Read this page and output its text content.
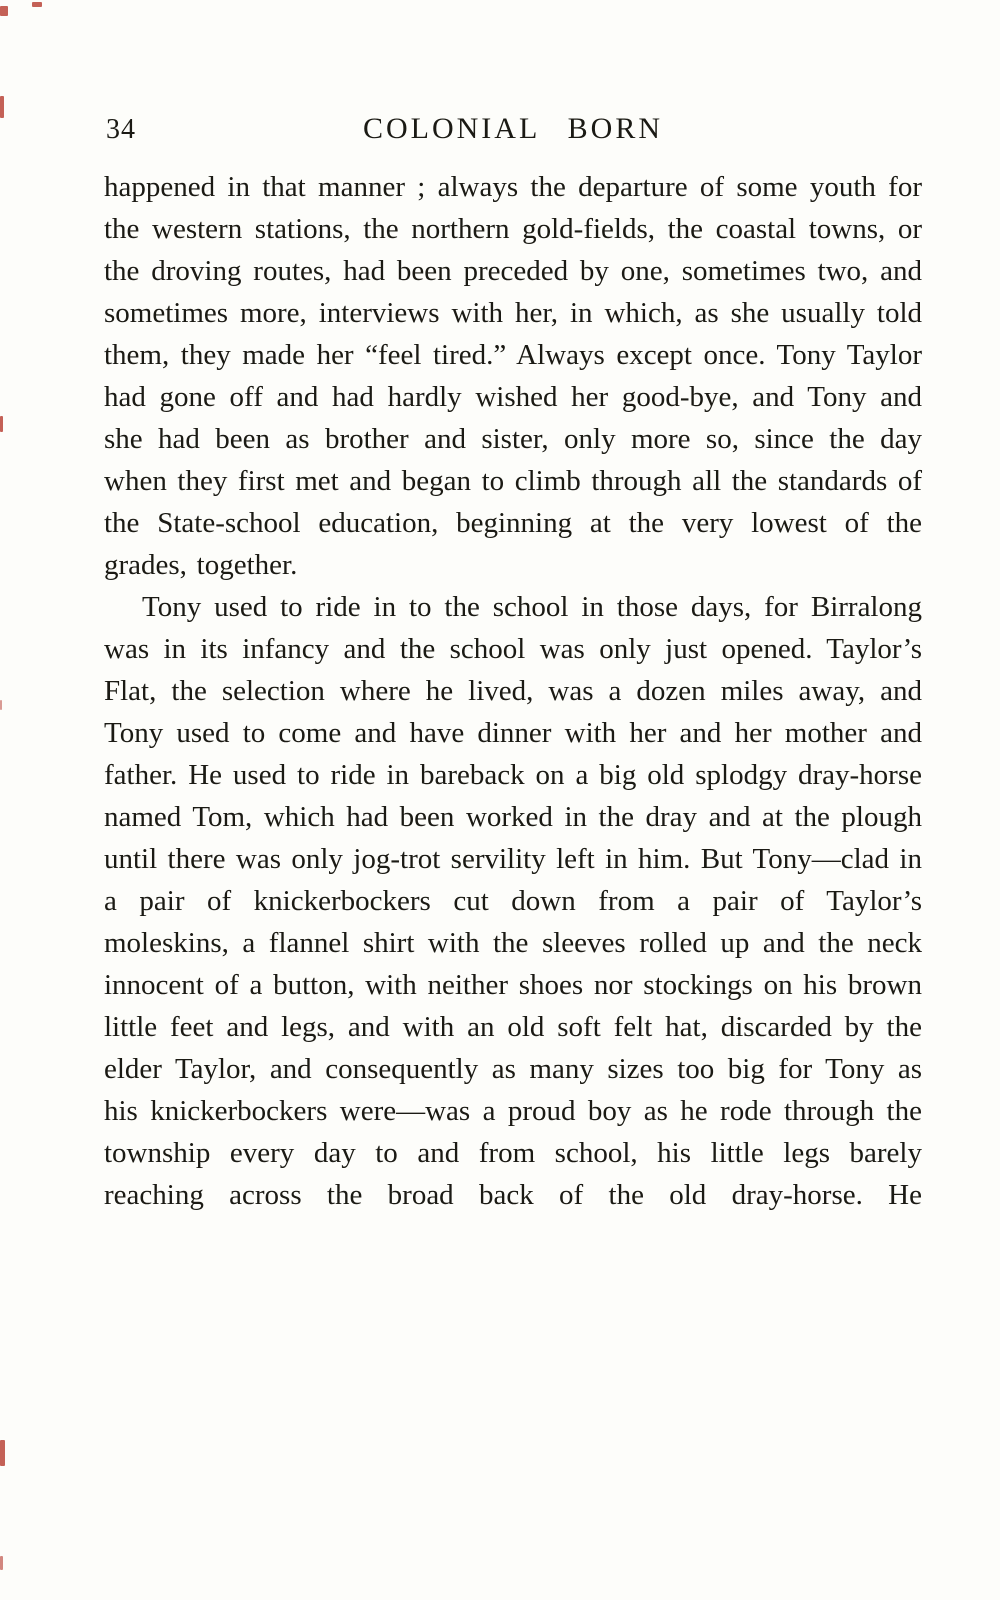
34	COLONIAL BORN

happened in that manner ; always the departure of some youth for the western stations, the northern gold-fields, the coastal towns, or the droving routes, had been preceded by one, sometimes two, and sometimes more, interviews with her, in which, as she usually told them, they made her “feel tired.” Always except once. Tony Taylor had gone off and had hardly wished her good-bye, and Tony and she had been as brother and sister, only more so, since the day when they first met and began to climb through all the standards of the State-school education, beginning at the very lowest of the grades, together.

Tony used to ride in to the school in those days, for Birralong was in its infancy and the school was only just opened. Taylor’s Flat, the selection where he lived, was a dozen miles away, and Tony used to come and have dinner with her and her mother and father. He used to ride in bareback on a big old splodgy dray-horse named Tom, which had been worked in the dray and at the plough until there was only jog-trot servility left in him. But Tony—clad in a pair of knickerbockers cut down from a pair of Taylor’s moleskins, a flannel shirt with the sleeves rolled up and the neck innocent of a button, with neither shoes nor stockings on his brown little feet and legs, and with an old soft felt hat, discarded by the elder Taylor, and consequently as many sizes too big for Tony as his knickerbockers were—was a proud boy as he rode through the township every day to and from school, his little legs barely reaching across the broad back of the old dray-horse. He
